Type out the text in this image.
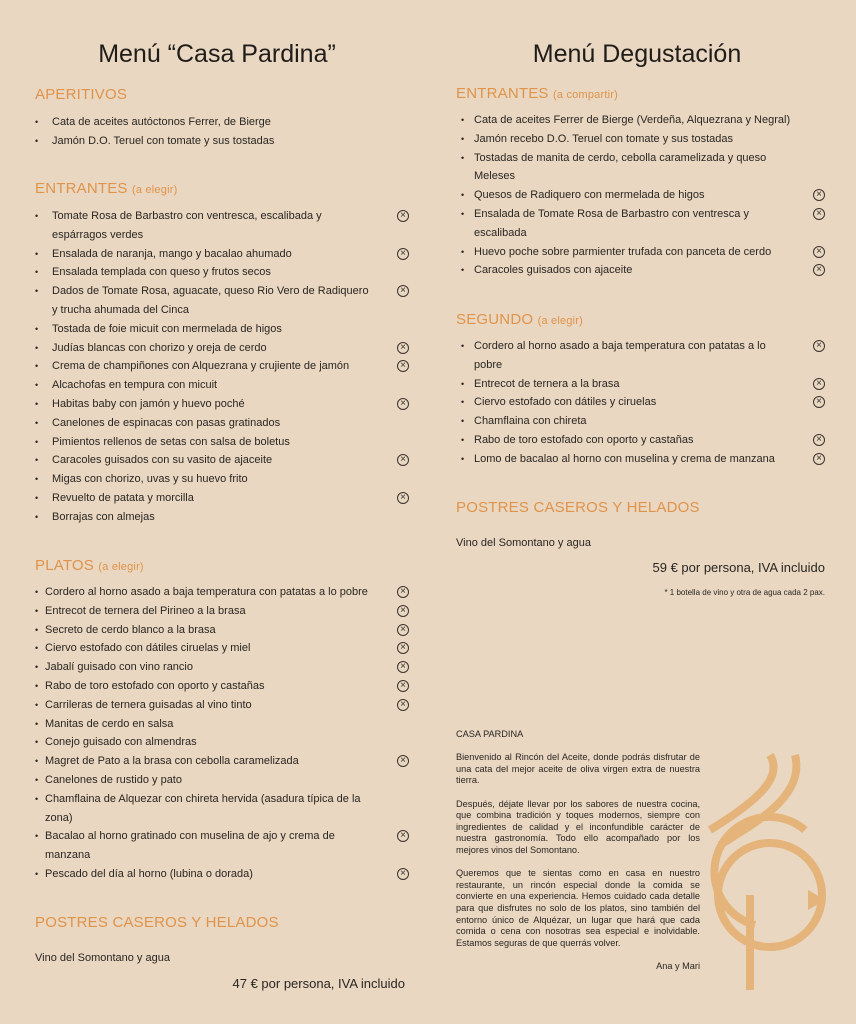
Menú “Casa Pardina”
APERITIVOS
• Cata de aceites autóctonos Ferrer, de Bierge
• Jamón D.O. Teruel con tomate y sus tostadas
ENTRANTES (a elegir)
• Tomate Rosa de Barbastro con ventresca, escalibada y
espárragos verdes
×
• Ensalada de naranja, mango y bacalao ahumado	×
• Ensalada templada con queso y frutos secos
• Dados de Tomate Rosa, aguacate, queso Rio Vero de Radiquero
y trucha ahumada del Cinca
×
• Tostada de foie micuit con mermelada de higos
• Judías blancas con chorizo y oreja de cerdo	×
• Crema de champiñones con Alquezrana y crujiente de jamón	×
• Alcachofas en tempura con micuit
• Habitas baby con jamón y huevo poché	×
• Canelones de espinacas con pasas gratinados
• Pimientos rellenos de setas con salsa de boletus
• Caracoles guisados con su vasito de ajaceite	×
• Migas con chorizo, uvas y su huevo frito
• Revuelto de patata y morcilla	×
• Borrajas con almejas
PLATOS (a elegir)
• Cordero al horno asado a baja temperatura con patatas a lo pobre	×
• Entrecot de ternera del Pirineo a la brasa	×
• Secreto de cerdo blanco a la brasa	×
• Ciervo estofado con dátiles ciruelas y miel	×
• Jabalí guisado con vino rancio	×
• Rabo de toro estofado con oporto y castañas	×
• Carrileras de ternera guisadas al vino tinto	×
• Manitas de cerdo en salsa
• Conejo guisado con almendras
• Magret de Pato a la brasa con cebolla caramelizada	×
• Canelones de rustido y pato
• Chamflaina de Alquezar con chireta hervida (asadura típica de la
zona)
• Bacalao al horno gratinado con muselina de ajo y crema de
manzana
×
• Pescado del día al horno (lubina o dorada)	×
POSTRES CASEROS Y HELADOS
Vino del Somontano y agua
47 € por persona, IVA incluido
Menú Degustación
ENTRANTES (a compartir)
• Cata de aceites Ferrer de Bierge (Verdeña, Alquezrana y Negral)
• Jamón recebo D.O. Teruel con tomate y sus tostadas
• Tostadas de manita de cerdo, cebolla caramelizada y queso
Meleses
• Quesos de Radiquero con mermelada de higos	×
• Ensalada de Tomate Rosa de Barbastro con ventresca y
escalibada
×
• Huevo poche sobre parmienter trufada con panceta de cerdo	×
• Caracoles guisados con ajaceite	×
SEGUNDO (a elegir)
• Cordero al horno asado a baja temperatura con patatas a lo
pobre
×
• Entrecot de ternera a la brasa	×
• Ciervo estofado con dátiles y ciruelas	×
• Chamflaina con chireta
• Rabo de toro estofado con oporto y castañas	×
• Lomo de bacalao al horno con muselina y crema de manzana	×
POSTRES CASEROS Y HELADOS
Vino del Somontano y agua
59 € por persona, IVA incluido
* 1 botella de vino y otra de agua cada 2 pax.

CASA PARDINA

Bienvenido al Rincón del Aceite, donde podrás disfrutar de una cata del mejor aceite de oliva virgen extra de nuestra tierra.

Después, déjate llevar por los sabores de nuestra cocina, que combina tradición y toques modernos, siempre con ingredientes de calidad y el inconfundible carácter de nuestra gastronomía. Todo ello acompañado por los mejores vinos del Somontano.

Queremos que te sientas como en casa en nuestro restaurante, un rincón especial donde la comida se convierte en una experiencia. Hemos cuidado cada detalle para que disfrutes no solo de los platos, sino también del entorno único de Alquézar, un lugar que hará que cada comida o cena con nosotras sea especial e inolvidable. Estamos seguras de que querrás volver.

Ana y Mari
